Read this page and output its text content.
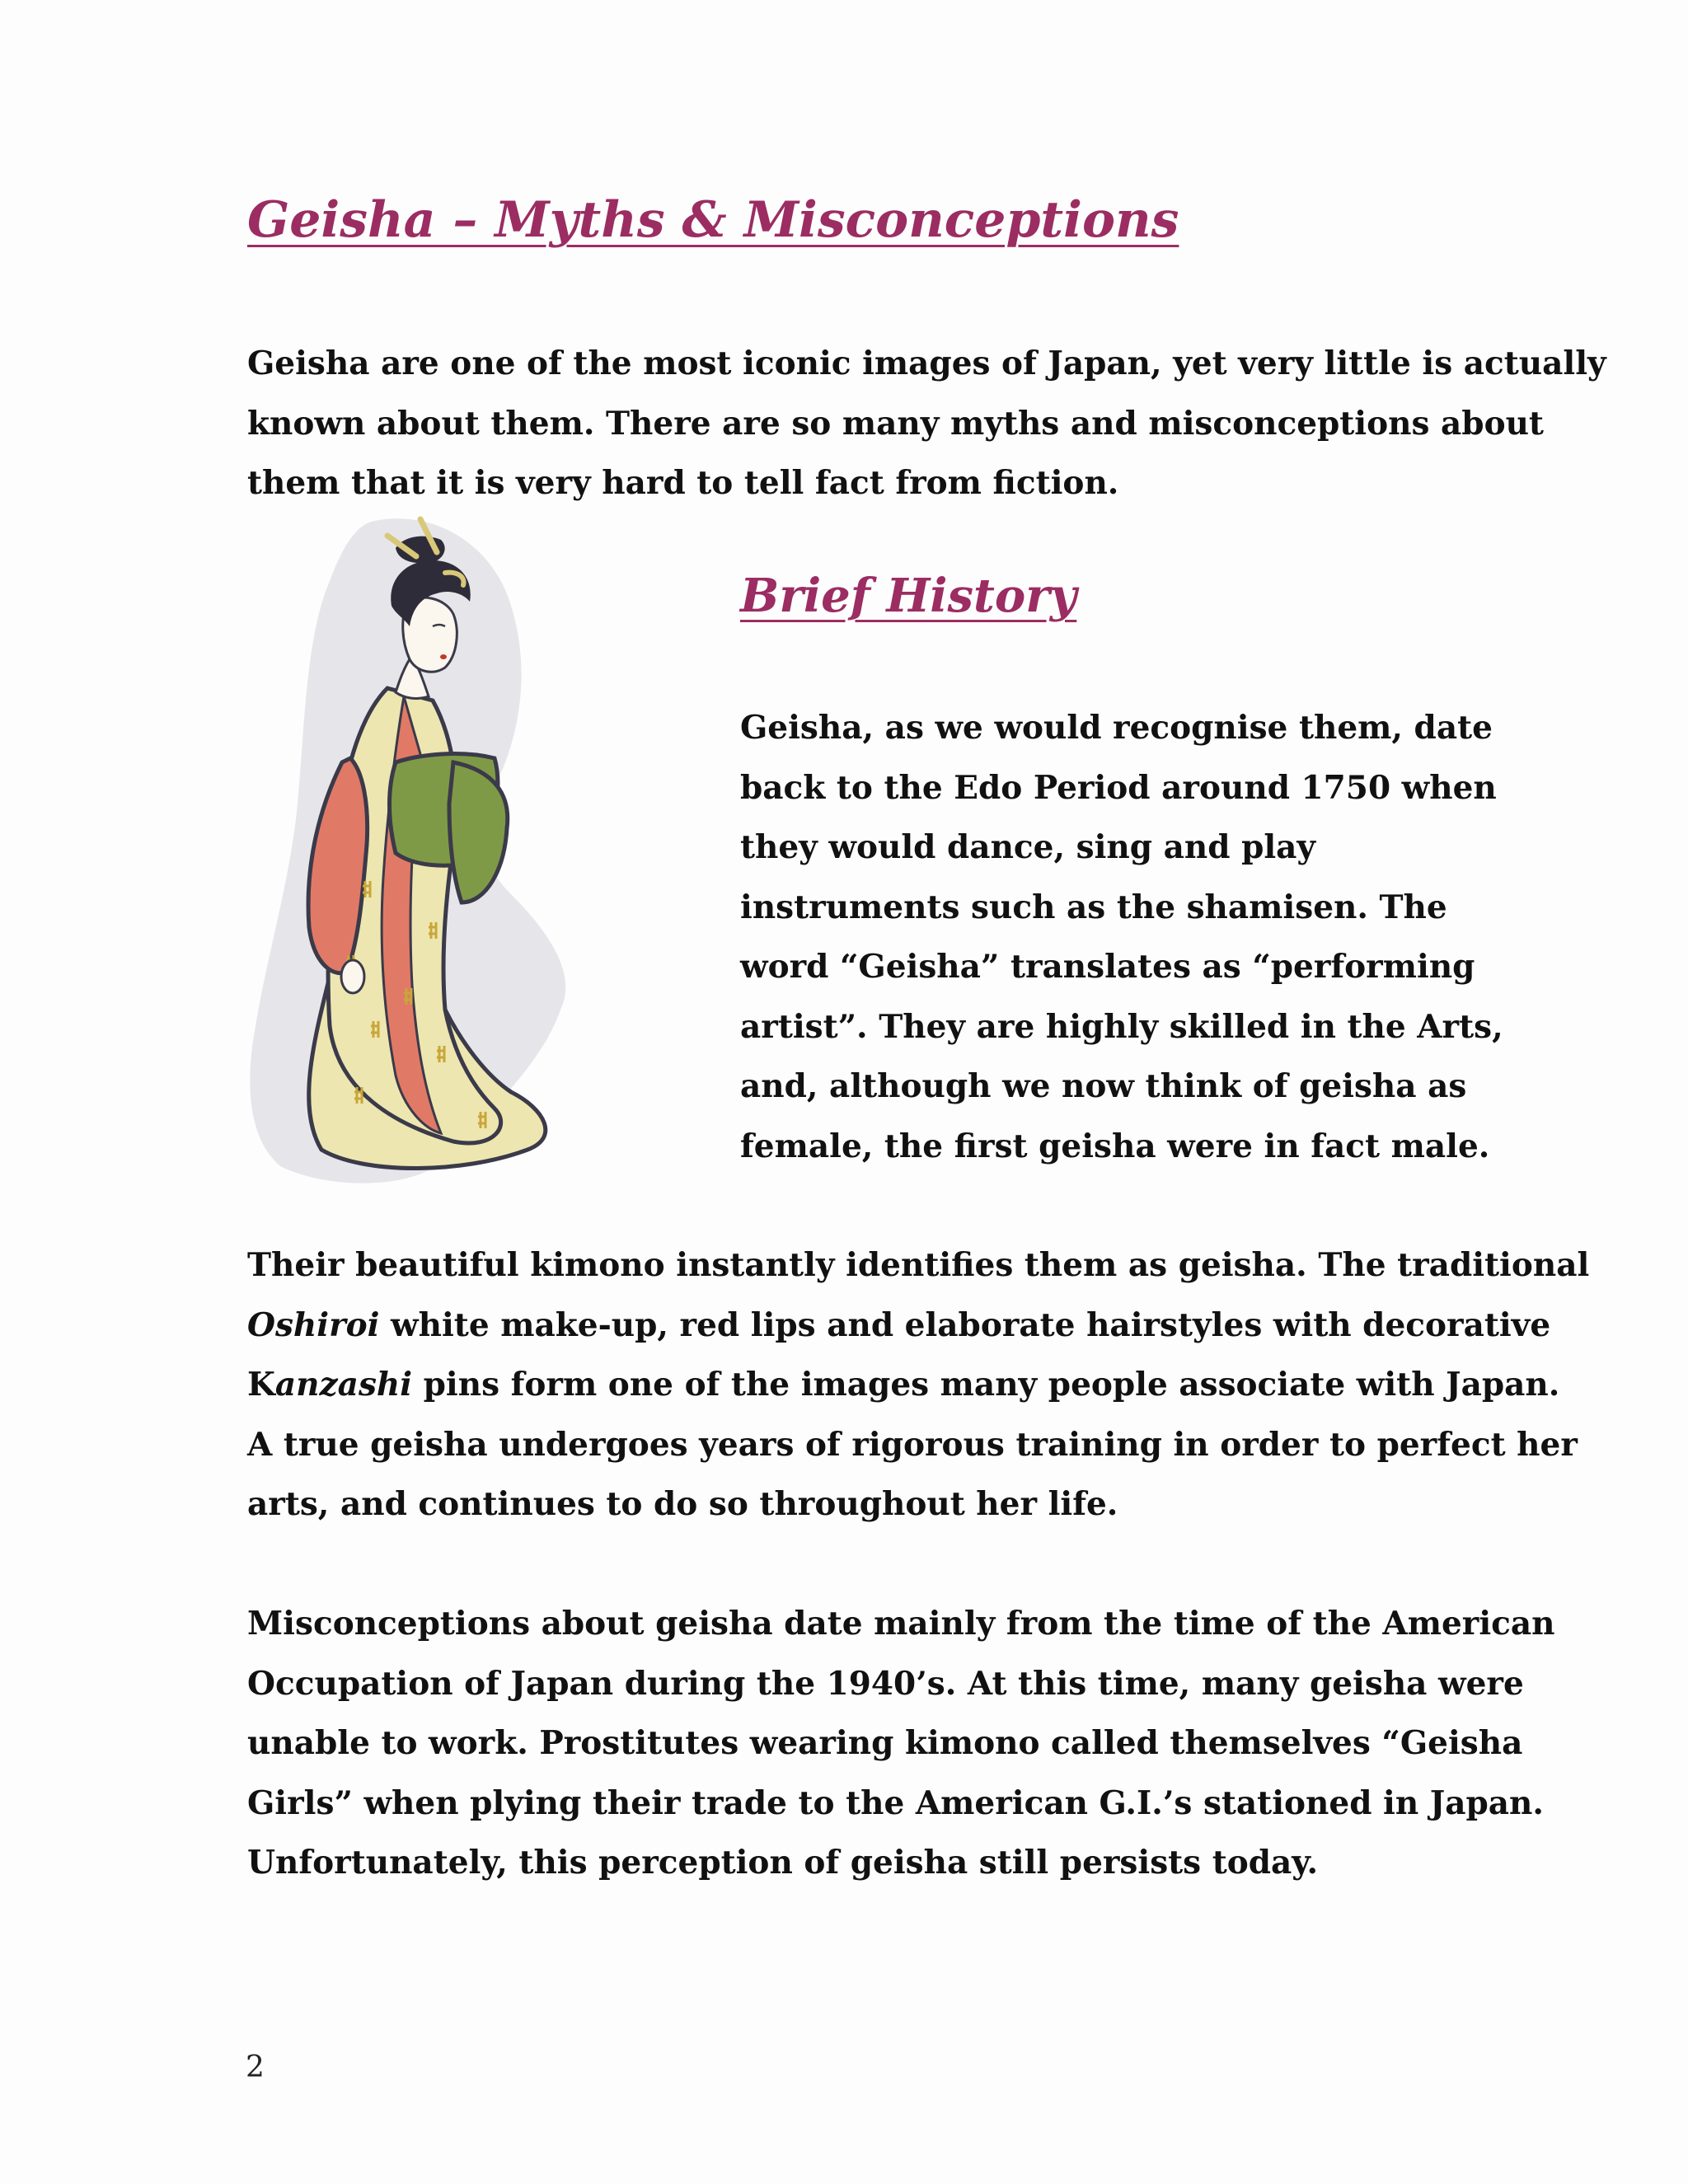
Geisha – Myths & Misconceptions

Geisha are one of the most iconic images of Japan, yet very little is actually
known about them. There are so many myths and misconceptions about
them that it is very hard to tell fact from fiction.

Brief History

Geisha, as we would recognise them, date
back to the Edo Period around 1750 when
they would dance, sing and play
instruments such as the shamisen. The
word “Geisha” translates as “performing
artist”. They are highly skilled in the Arts,
and, although we now think of geisha as
female, the first geisha were in fact male.

Their beautiful kimono instantly identifies them as geisha. The traditional
Oshiroi white make-up, red lips and elaborate hairstyles with decorative
Kanzashi pins form one of the images many people associate with Japan.
A true geisha undergoes years of rigorous training in order to perfect her
arts, and continues to do so throughout her life.

Misconceptions about geisha date mainly from the time of the American
Occupation of Japan during the 1940’s. At this time, many geisha were
unable to work. Prostitutes wearing kimono called themselves “Geisha
Girls” when plying their trade to the American G.I.’s stationed in Japan.
Unfortunately, this perception of geisha still persists today.

2
